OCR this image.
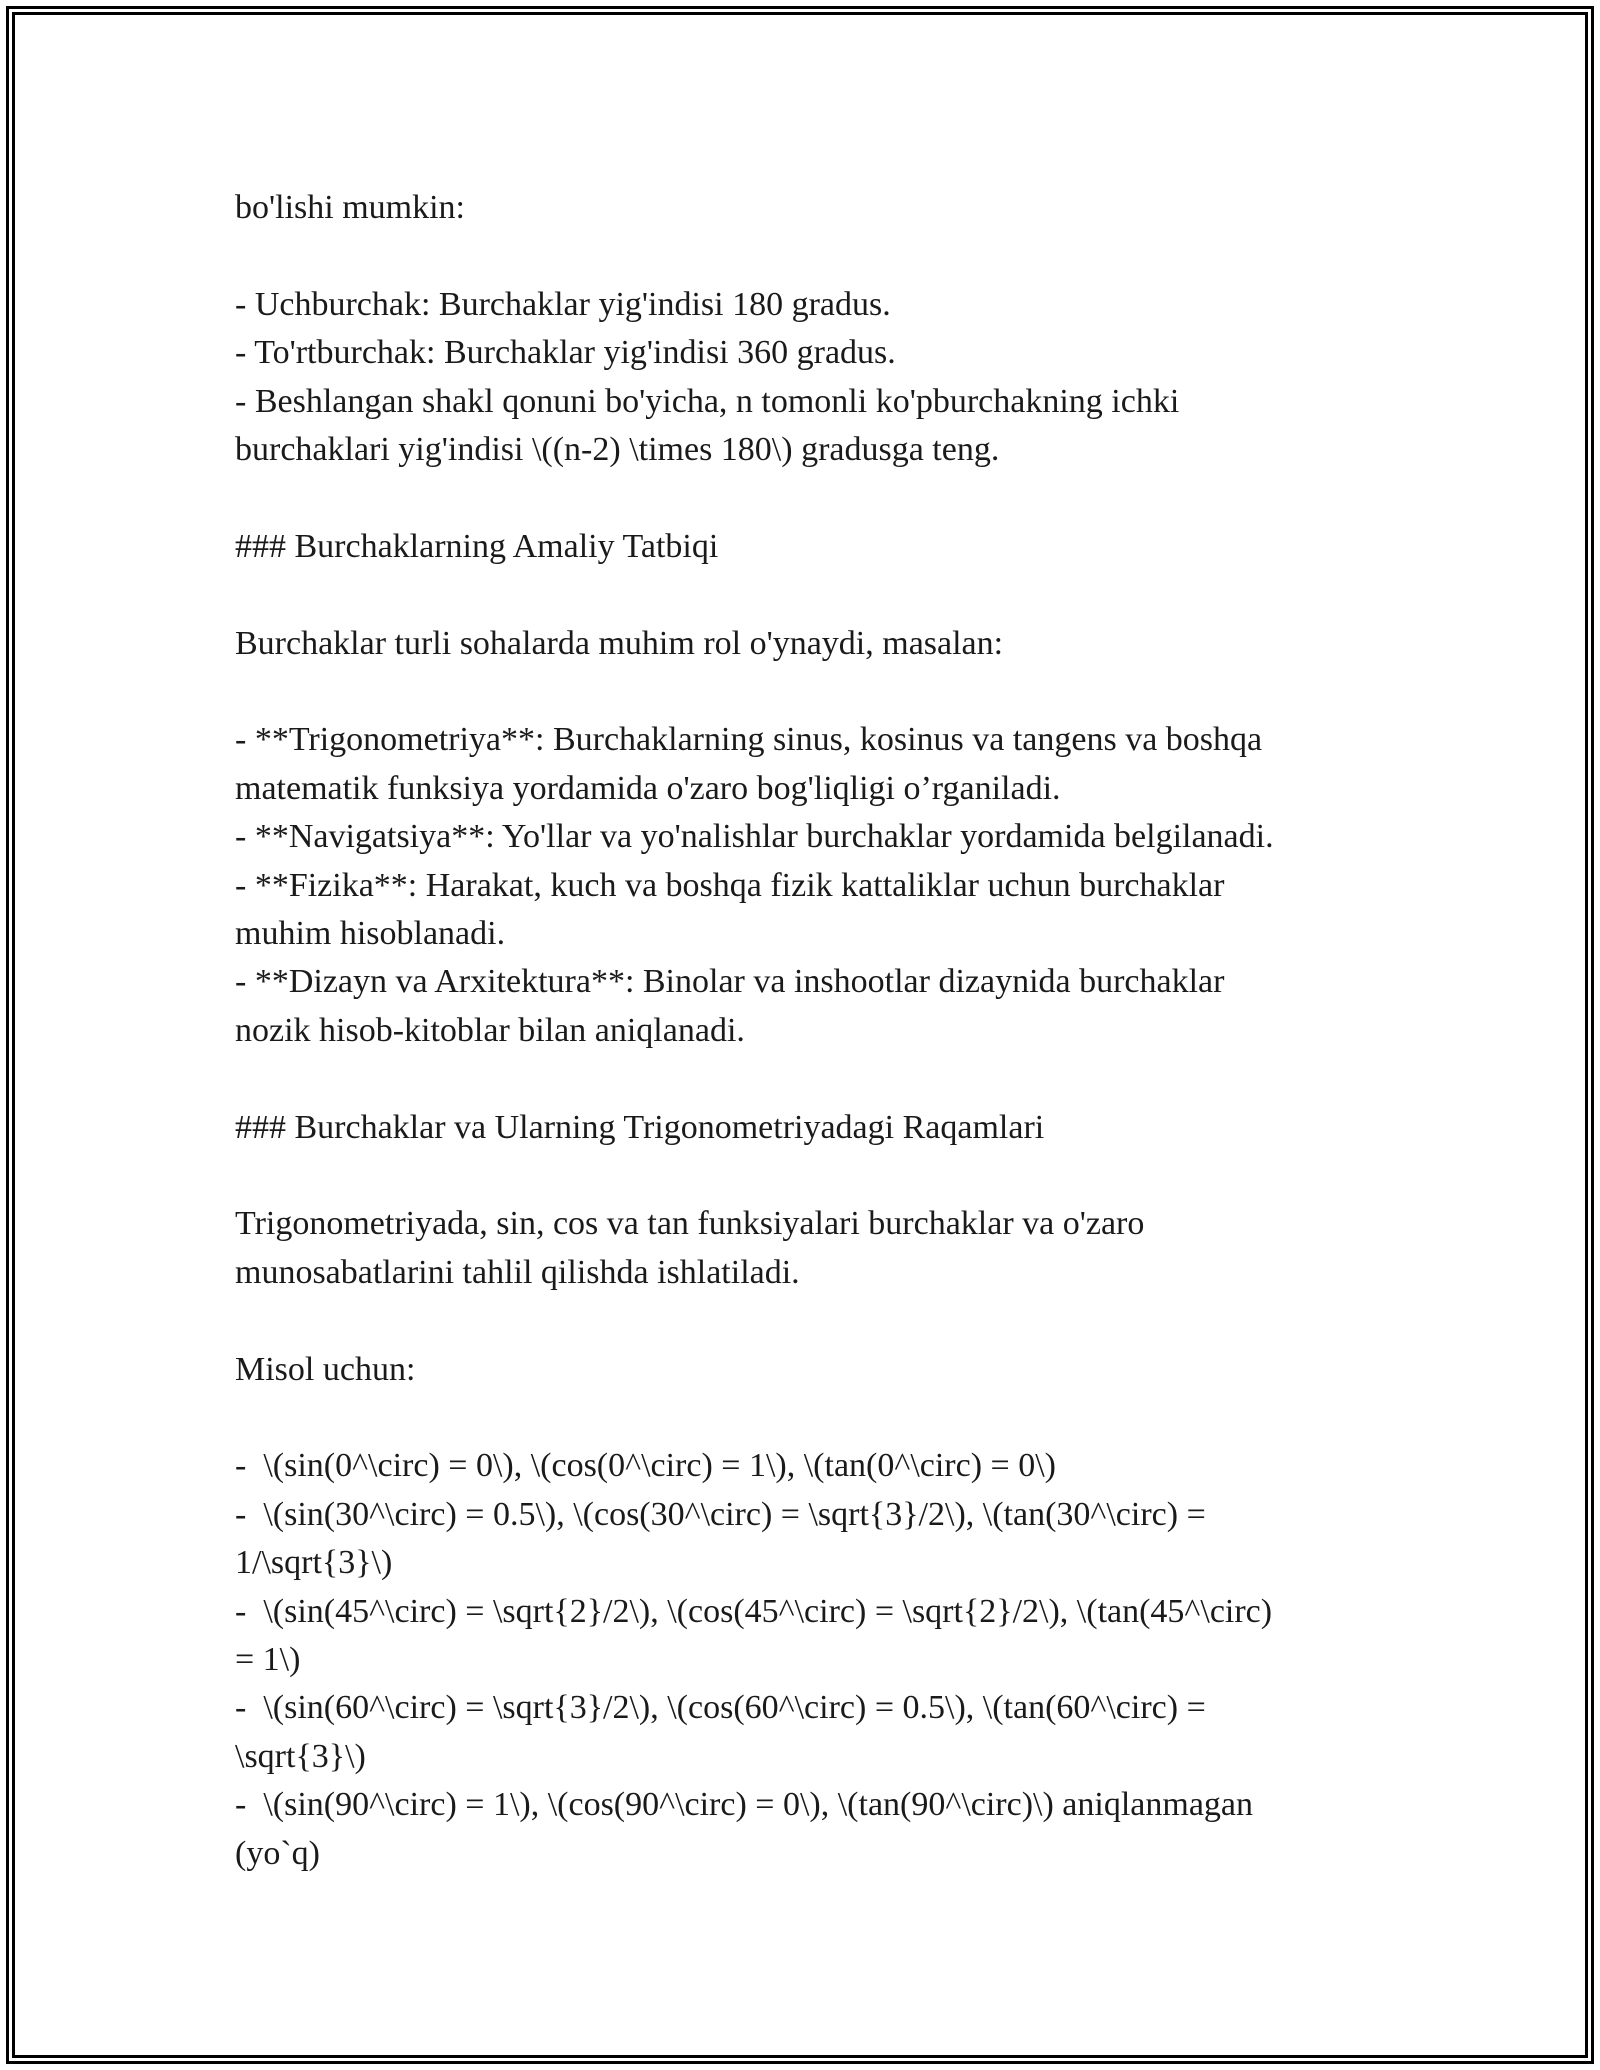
bo'lishi mumkin:

- Uchburchak: Burchaklar yig'indisi 180 gradus.

- To'rtburchak: Burchaklar yig'indisi 360 gradus.

- Beshlangan shakl qonuni bo'yicha, n tomonli ko'pburchakning ichki

burchaklari yig'indisi \((n-2) \times 180\) gradusga teng.

### Burchaklarning Amaliy Tatbiqi

Burchaklar turli sohalarda muhim rol o'ynaydi, masalan:

- **Trigonometriya**: Burchaklarning sinus, kosinus va tangens va boshqa

matematik funksiya yordamida o'zaro bog'liqligi o’rganiladi.

- **Navigatsiya**: Yo'llar va yo'nalishlar burchaklar yordamida belgilanadi.

- **Fizika**: Harakat, kuch va boshqa fizik kattaliklar uchun burchaklar

muhim hisoblanadi.

- **Dizayn va Arxitektura**: Binolar va inshootlar dizaynida burchaklar

nozik hisob-kitoblar bilan aniqlanadi.

### Burchaklar va Ularning Trigonometriyadagi Raqamlari

Trigonometriyada, sin, cos va tan funksiyalari burchaklar va o'zaro

munosabatlarini tahlil qilishda ishlatiladi.

Misol uchun:

-  \(sin(0^\circ) = 0\), \(cos(0^\circ) = 1\), \(tan(0^\circ) = 0\)

-  \(sin(30^\circ) = 0.5\), \(cos(30^\circ) = \sqrt{3}/2\), \(tan(30^\circ) =

1/\sqrt{3}\)

-  \(sin(45^\circ) = \sqrt{2}/2\), \(cos(45^\circ) = \sqrt{2}/2\), \(tan(45^\circ)

= 1\)

-  \(sin(60^\circ) = \sqrt{3}/2\), \(cos(60^\circ) = 0.5\), \(tan(60^\circ) =

\sqrt{3}\)

-  \(sin(90^\circ) = 1\), \(cos(90^\circ) = 0\), \(tan(90^\circ)\) aniqlanmagan

(yo`q)
